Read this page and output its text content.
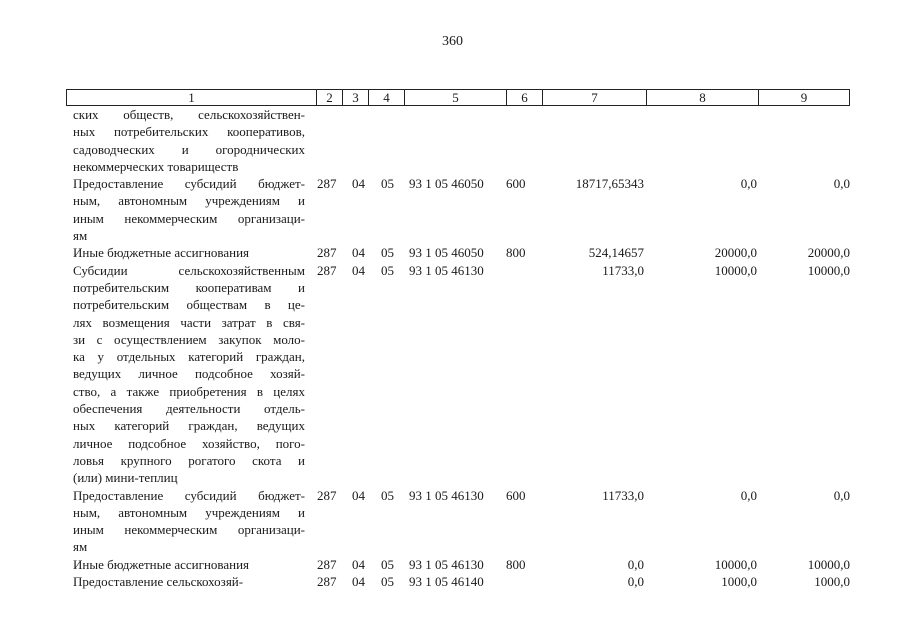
360
1	2	3	4	5	6	7	8	9
ских обществ, сельскохозяйствен-
ных потребительских кооперативов,
садоводческих и огороднических
некоммерческих товариществ
Предоставление субсидий бюджет-
ным, автономным учреждениям и
иным некоммерческим организаци-
ям
287 04 05 93 1 05 46050 600	18717,65343	0,0	0,0
Иные бюджетные ассигнования	287 04 05 93 1 05 46050 800	524,14657	20000,0	20000,0
Субсидии сельскохозяйственным
потребительским кооперативам и
потребительским обществам в це-
лях возмещения части затрат в свя-
зи с осуществлением закупок моло-
ка у отдельных категорий граждан,
ведущих личное подсобное хозяй-
ство, а также приобретения в целях
обеспечения деятельности отдель-
ных категорий граждан, ведущих
личное подсобное хозяйство, пого-
ловья крупного рогатого скота и
(или) мини-теплиц
287 04 05 93 1 05 46130	11733,0	10000,0	10000,0
Предоставление субсидий бюджет-
ным, автономным учреждениям и
иным некоммерческим организаци-
ям
287 04 05 93 1 05 46130 600	11733,0	0,0	0,0
Иные бюджетные ассигнования	287 04 05 93 1 05 46130 800	0,0	10000,0	10000,0
Предоставление сельскохозяй-	287 04 05 93 1 05 46140	0,0	1000,0	1000,0
